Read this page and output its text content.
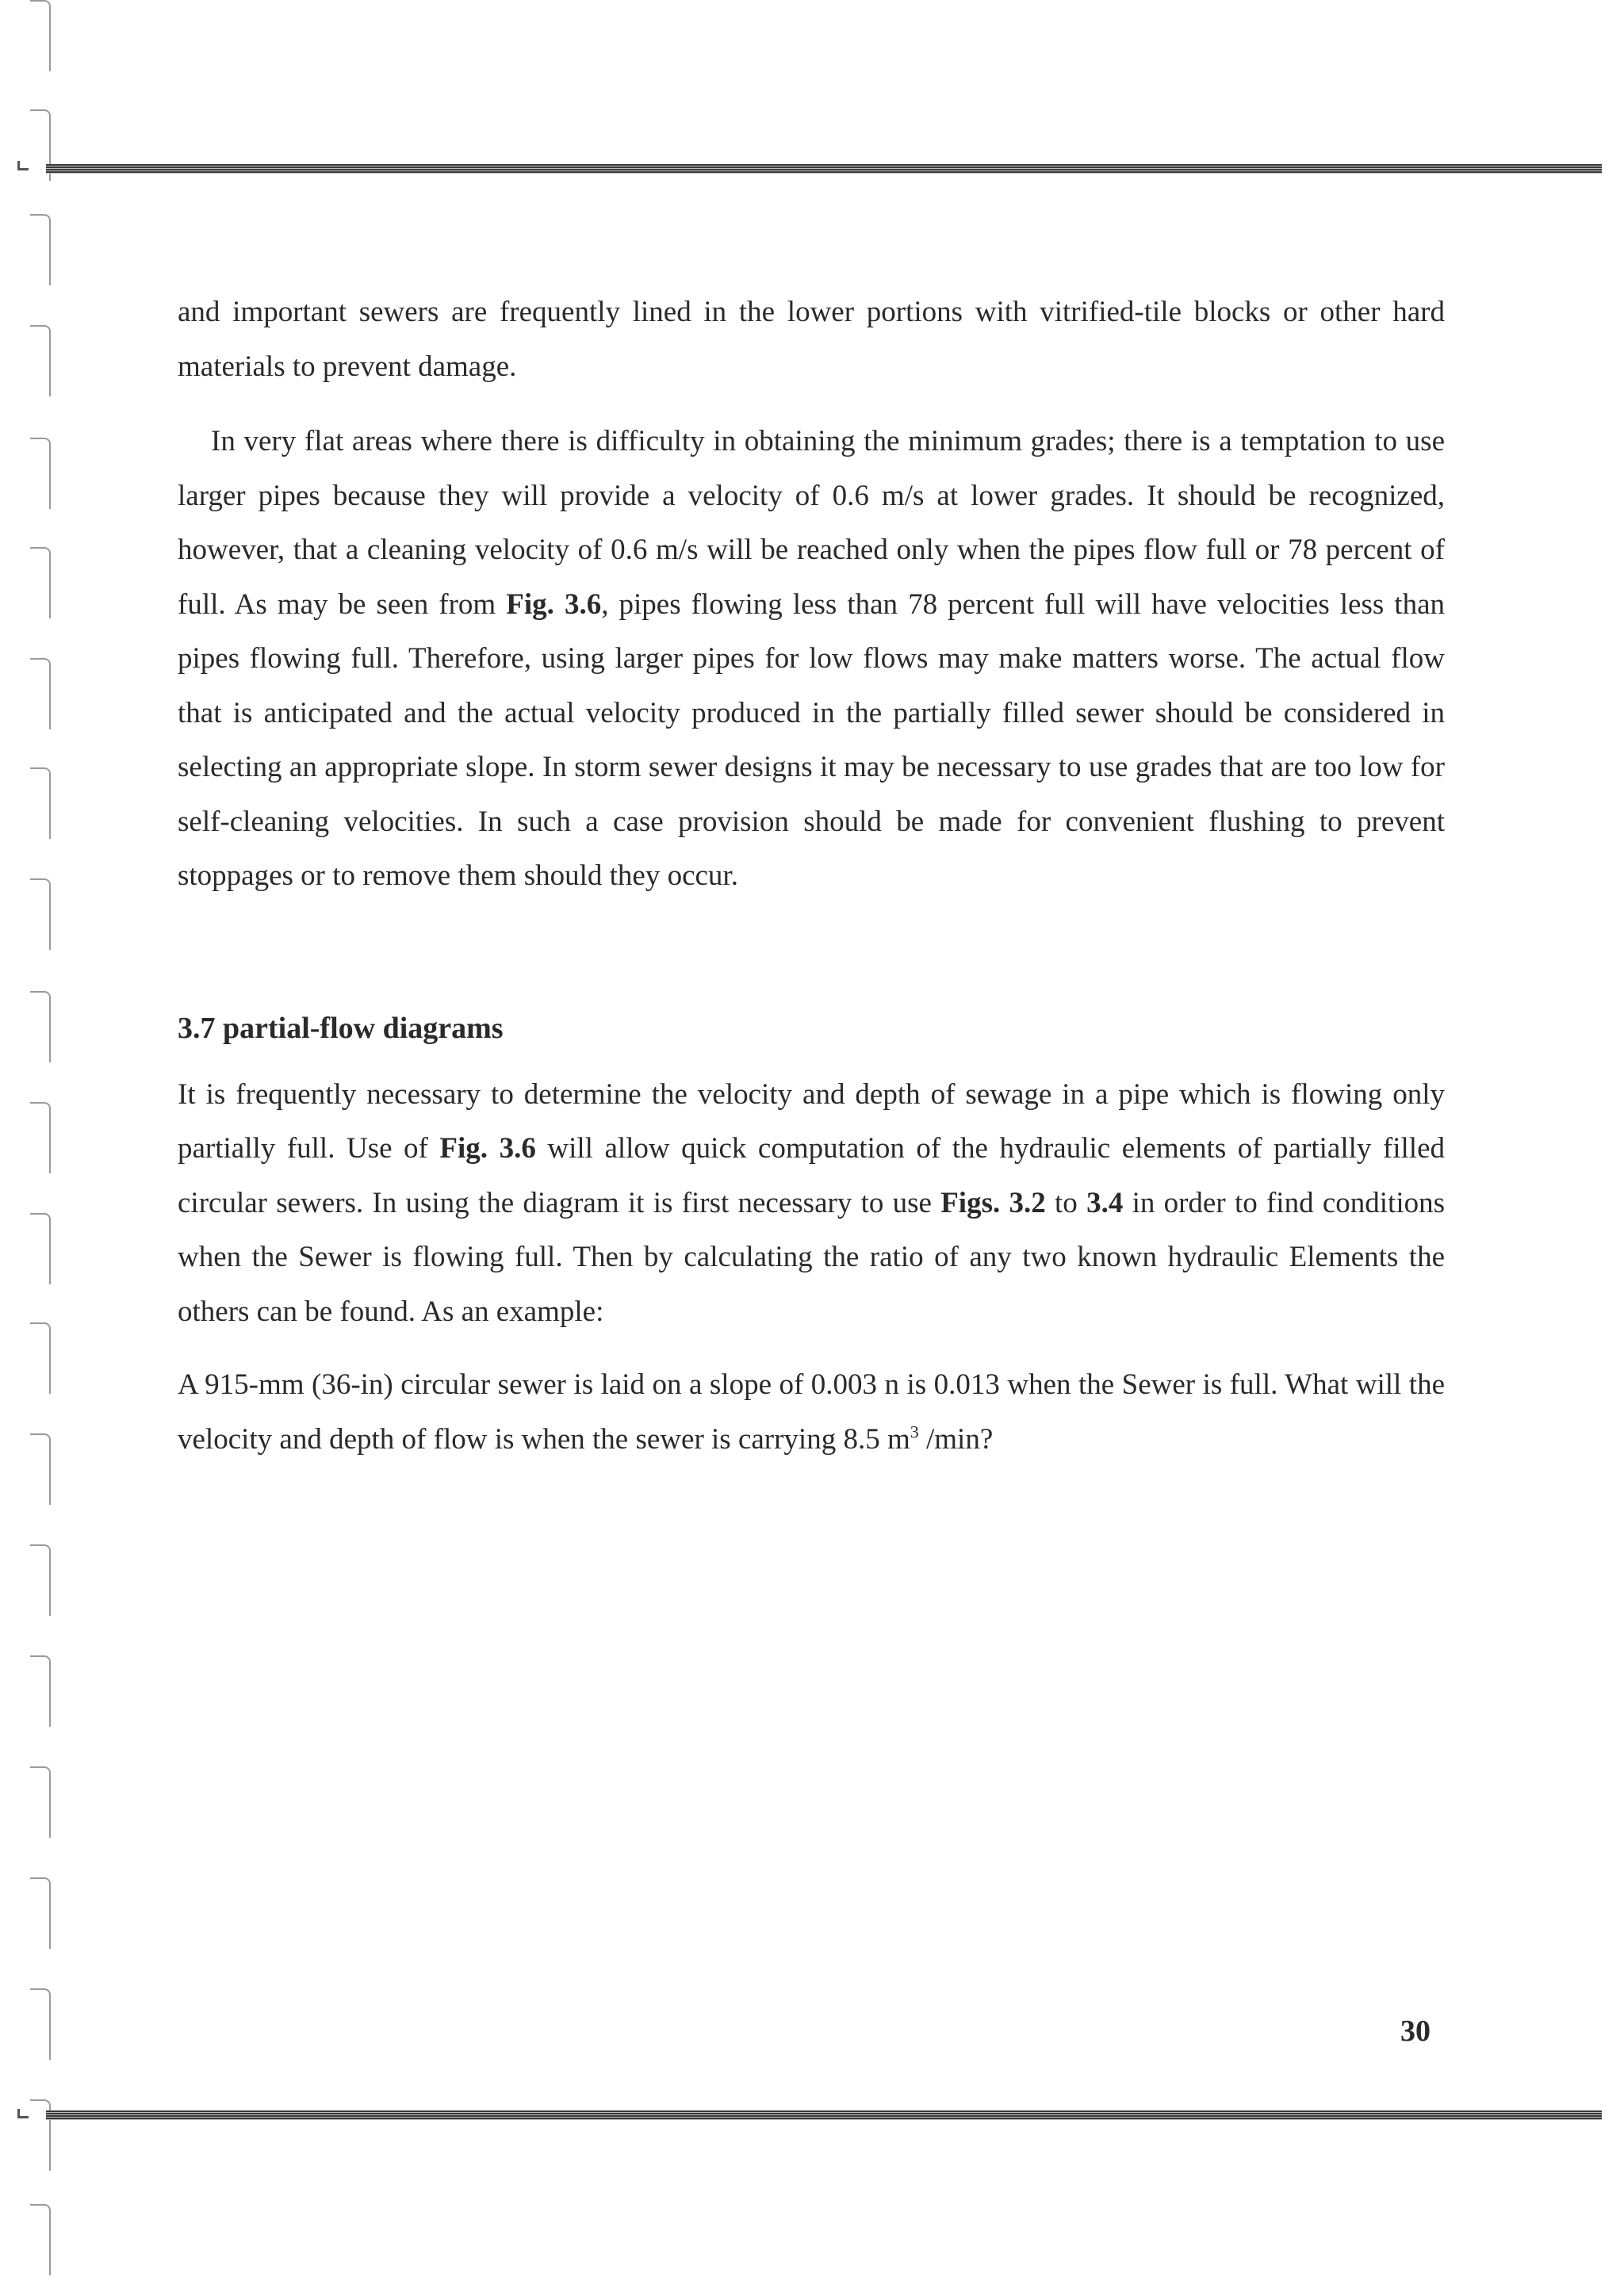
and important sewers are frequently lined in the lower portions with vitrified-tile blocks or other hard materials to prevent damage.

In very flat areas where there is difficulty in obtaining the minimum grades; there is a temptation to use larger pipes because they will provide a velocity of 0.6 m/s at lower grades. It should be recognized, however, that a cleaning velocity of 0.6 m/s will be reached only when the pipes flow full or 78 percent of full. As may be seen from Fig. 3.6, pipes flowing less than 78 percent full will have velocities less than pipes flowing full. Therefore, using larger pipes for low flows may make matters worse. The actual flow that is anticipated and the actual velocity produced in the partially filled sewer should be considered in selecting an appropriate slope. In storm sewer designs it may be necessary to use grades that are too low for self-cleaning velocities. In such a case provision should be made for convenient flushing to prevent stoppages or to remove them should they occur.

3.7 partial-flow diagrams

It is frequently necessary to determine the velocity and depth of sewage in a pipe which is flowing only partially full. Use of Fig. 3.6 will allow quick computation of the hydraulic elements of partially filled circular sewers. In using the diagram it is first necessary to use Figs. 3.2 to 3.4 in order to find conditions when the Sewer is flowing full. Then by calculating the ratio of any two known hydraulic Elements the others can be found. As an example:

A 915-mm (36-in) circular sewer is laid on a slope of 0.003 n is 0.013 when the Sewer is full. What will the velocity and depth of flow is when the sewer is carrying 8.5 $m^3$ /min?

30
